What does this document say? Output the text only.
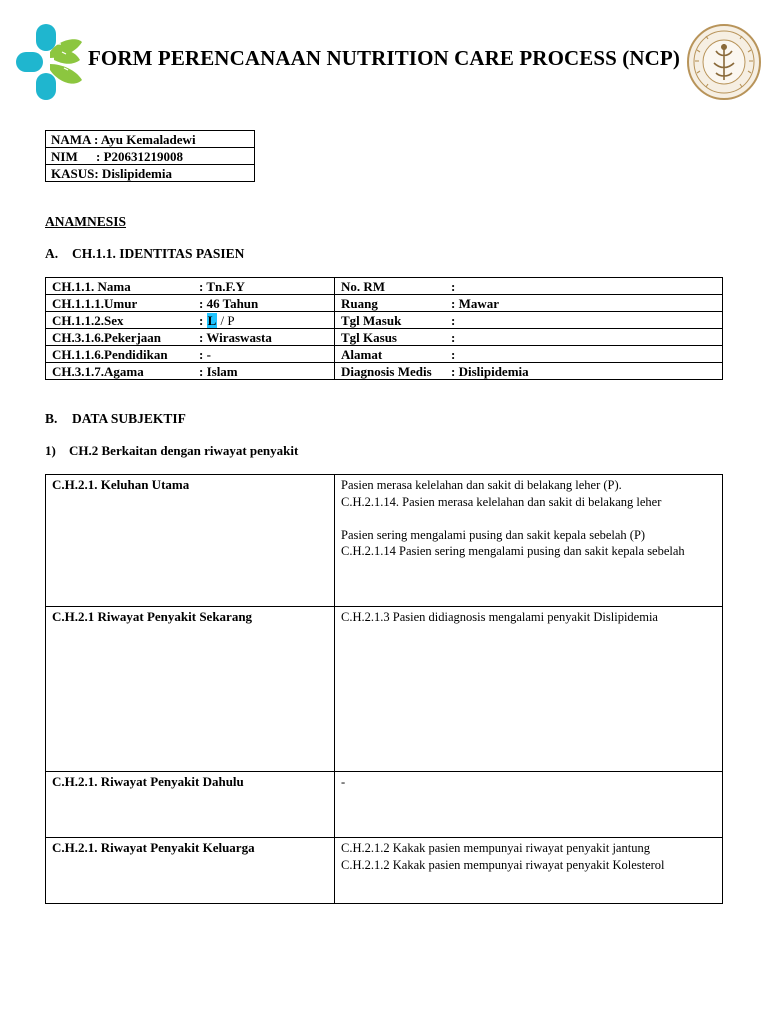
FORM PERENCANAAN NUTRITION CARE PROCESS (NCP)
NAMA : Ayu Kemaladewi
NIM : P20631219008
KASUS: Dislipidemia
ANAMNESIS
A. CH.1.1. IDENTITAS PASIEN
CH.1.1. Nama : Tn.F.Y	No. RM :
CH.1.1.1.Umur : 46 Tahun	Ruang : Mawar
CH.1.1.2.Sex : L / P	Tgl Masuk :
CH.3.1.6.Pekerjaan : Wiraswasta	Tgl Kasus :
CH.1.1.6.Pendidikan : -	Alamat :
CH.3.1.7.Agama : Islam	Diagnosis Medis : Dislipidemia
B. DATA SUBJEKTIF
1) CH.2 Berkaitan dengan riwayat penyakit
C.H.2.1. Keluhan Utama	Pasien merasa kelelahan dan sakit di belakang leher (P).

C.H.2.1.14. Pasien merasa kelelahan dan sakit di belakang leher

Pasien sering mengalami pusing dan sakit kepala sebelah (P)

C.H.2.1.14 Pasien sering mengalami pusing dan sakit kepala sebelah

C.H.2.1 Riwayat Penyakit Sekarang	C.H.2.1.3 Pasien didiagnosis mengalami penyakit Dislipidemia

C.H.2.1. Riwayat Penyakit Dahulu	-

C.H.2.1. Riwayat Penyakit Keluarga	C.H.2.1.2 Kakak pasien mempunyai riwayat penyakit jantung

C.H.2.1.2 Kakak pasien mempunyai riwayat penyakit Kolesterol
